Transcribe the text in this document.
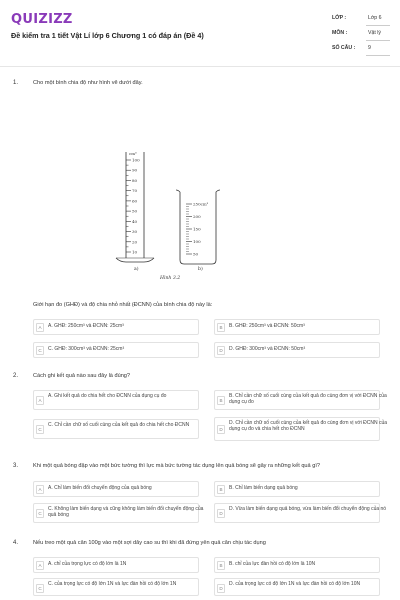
QUIZIZZ
Đề kiểm tra 1 tiết Vật Lí lớp 6 Chương 1 có đáp án (Đề 4)
LỚP :	Lớp 6
MÔN :	Vật lý
SỐ CÂU : 9
1.	Cho một bình chia độ như hình vẽ dưới đây.
100
90
80
70
60
50
40
30
20
10
cm³
250cm³
200
150
100
50
a)	b)
Hình 3.2
Giới hạn đo (GHĐ) và độ chia nhỏ nhất (ĐCNN) của bình chia độ này là:
A	A. GHĐ: 250cm³ và ĐCNN: 25cm³	B	B. GHĐ: 250cm³ và ĐCNN: 50cm³
C	C. GHĐ: 300cm³ và ĐCNN: 25cm³	D	D. GHĐ: 300cm³ và ĐCNN: 50cm³
2.	Cách ghi kết quả nào sau đây là đúng?
A
A. Ghi kết quả do chia hết cho ĐCNN của dụng cụ đo
B
B. Chỉ cần chữ số cuối cùng của kết quả đo cùng đơn vị với ĐCNN của dụng cụ đo
C
C. Chỉ cần chữ số cuối cùng của kết quả đo chia hết cho ĐCNN
D
D. Chỉ cần chữ số cuối cùng của kết quả đo cùng đơn vị với ĐCNN của dụng cụ đo và chia hết cho ĐCNN
3.	Khi một quả bóng đập vào một bức tường thì lực mà bức tường tác dụng lên quả bóng sẽ gây ra những kết quả gì?
A	A. Chỉ làm biến đổi chuyển động của quả bóng	B	B. Chỉ làm biến dạng quả bóng
C
C. Không làm biến dạng và cũng không làm biến đổi chuyển động của quả bóng	D
D. Vừa làm biến dạng quả bóng, vừa làm biến đổi chuyển động của nó
4.	Nếu treo một quả cân 100g vào một sợi dây cao su thì khi đã đứng yên quả cân chịu tác dụng
A	A. chỉ của trọng lực có độ lớn là 1N	B	B. chỉ của lực đàn hồi có độ lớn là 10N
C
C. của trọng lực có độ lớn 1N và lực đàn hồi có độ lớn 1N
D
D. của trọng lực có độ lớn 1N và lực đàn hồi có độ lớn 10N
